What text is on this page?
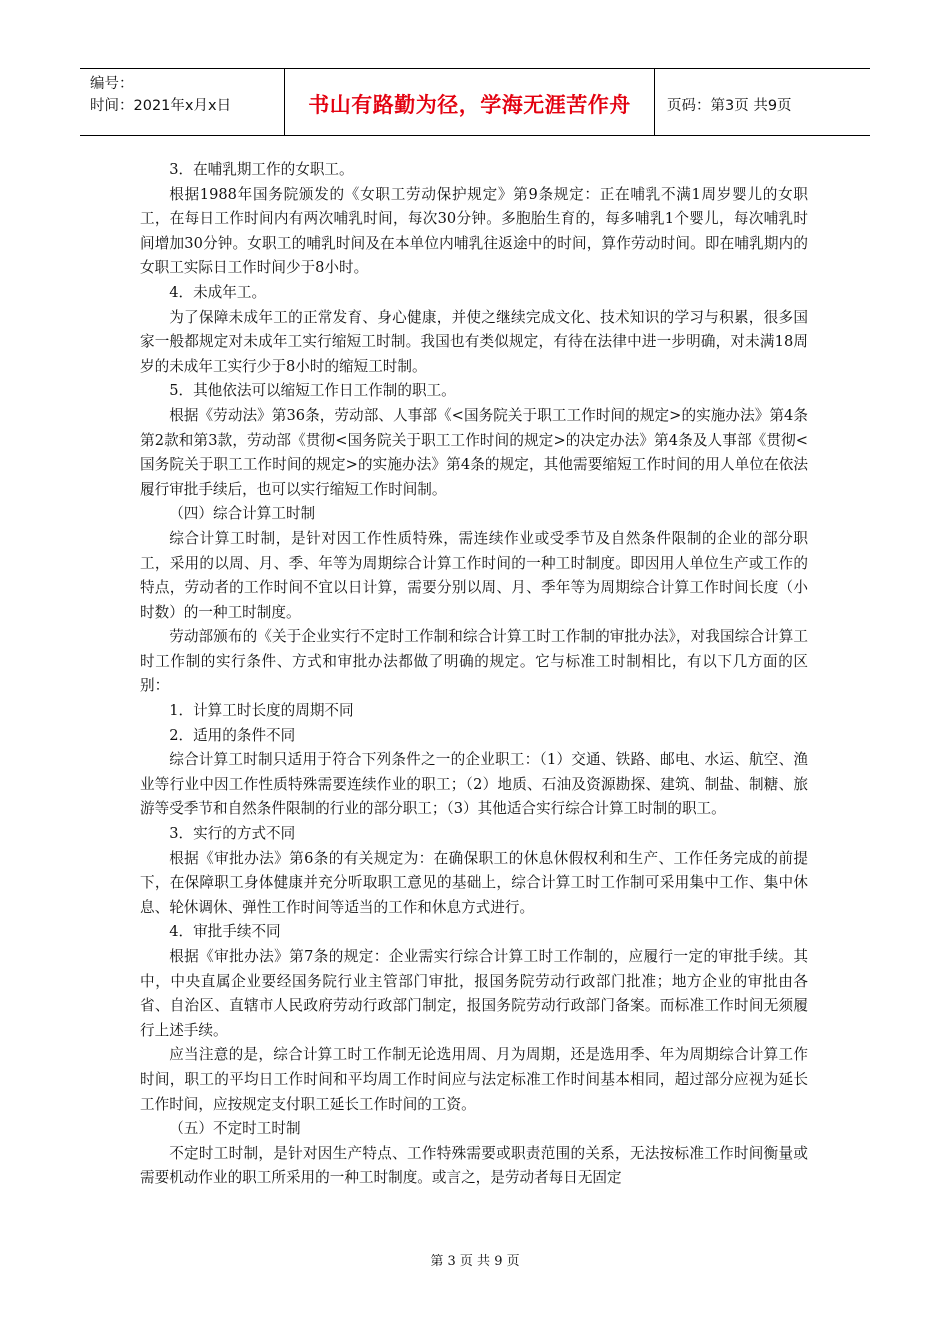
编号：
时间：2021年x月x日	书山有路勤为径，学海无涯苦作舟	页码：第3页 共9页

3．在哺乳期工作的女职工。

根据1988年国务院颁发的《女职工劳动保护规定》第9条规定：正在哺乳不满1周岁婴儿的女职工，在每日工作时间内有两次哺乳时间，每次30分钟。多胞胎生育的，每多哺乳1个婴儿，每次哺乳时间增加30分钟。女职工的哺乳时间及在本单位内哺乳往返途中的时间，算作劳动时间。即在哺乳期内的女职工实际日工作时间少于8小时。

4．未成年工。

为了保障未成年工的正常发育、身心健康，并使之继续完成文化、技术知识的学习与积累，很多国家一般都规定对未成年工实行缩短工时制。我国也有类似规定，有待在法律中进一步明确，对未满18周岁的未成年工实行少于8小时的缩短工时制。

5．其他依法可以缩短工作日工作制的职工。

根据《劳动法》第36条，劳动部、人事部《<国务院关于职工工作时间的规定>的实施办法》第4条第2款和第3款，劳动部《贯彻<国务院关于职工工作时间的规定>的决定办法》第4条及人事部《贯彻<国务院关于职工工作时间的规定>的实施办法》第4条的规定，其他需要缩短工作时间的用人单位在依法履行审批手续后，也可以实行缩短工作时间制。

（四）综合计算工时制

综合计算工时制，是针对因工作性质特殊，需连续作业或受季节及自然条件限制的企业的部分职工，采用的以周、月、季、年等为周期综合计算工作时间的一种工时制度。即因用人单位生产或工作的特点，劳动者的工作时间不宜以日计算，需要分别以周、月、季年等为周期综合计算工作时间长度（小时数）的一种工时制度。

劳动部颁布的《关于企业实行不定时工作制和综合计算工时工作制的审批办法》，对我国综合计算工时工作制的实行条件、方式和审批办法都做了明确的规定。它与标准工时制相比，有以下几方面的区别：

1．计算工时长度的周期不同

2．适用的条件不同

综合计算工时制只适用于符合下列条件之一的企业职工：（1）交通、铁路、邮电、水运、航空、渔业等行业中因工作性质特殊需要连续作业的职工；（2）地质、石油及资源勘探、建筑、制盐、制糖、旅游等受季节和自然条件限制的行业的部分职工；（3）其他适合实行综合计算工时制的职工。

3．实行的方式不同

根据《审批办法》第6条的有关规定为：在确保职工的休息休假权利和生产、工作任务完成的前提下，在保障职工身体健康并充分听取职工意见的基础上，综合计算工时工作制可采用集中工作、集中休息、轮休调休、弹性工作时间等适当的工作和休息方式进行。

4．审批手续不同

根据《审批办法》第7条的规定：企业需实行综合计算工时工作制的，应履行一定的审批手续。其中，中央直属企业要经国务院行业主管部门审批，报国务院劳动行政部门批准；地方企业的审批由各省、自治区、直辖市人民政府劳动行政部门制定，报国务院劳动行政部门备案。而标准工作时间无须履行上述手续。

应当注意的是，综合计算工时工作制无论选用周、月为周期，还是选用季、年为周期综合计算工作时间，职工的平均日工作时间和平均周工作时间应与法定标准工作时间基本相同，超过部分应视为延长工作时间，应按规定支付职工延长工作时间的工资。

（五）不定时工时制

不定时工时制，是针对因生产特点、工作特殊需要或职责范围的关系，无法按标准工作时间衡量或需要机动作业的职工所采用的一种工时制度。或言之，是劳动者每日无固定

第 3 页 共 9 页
